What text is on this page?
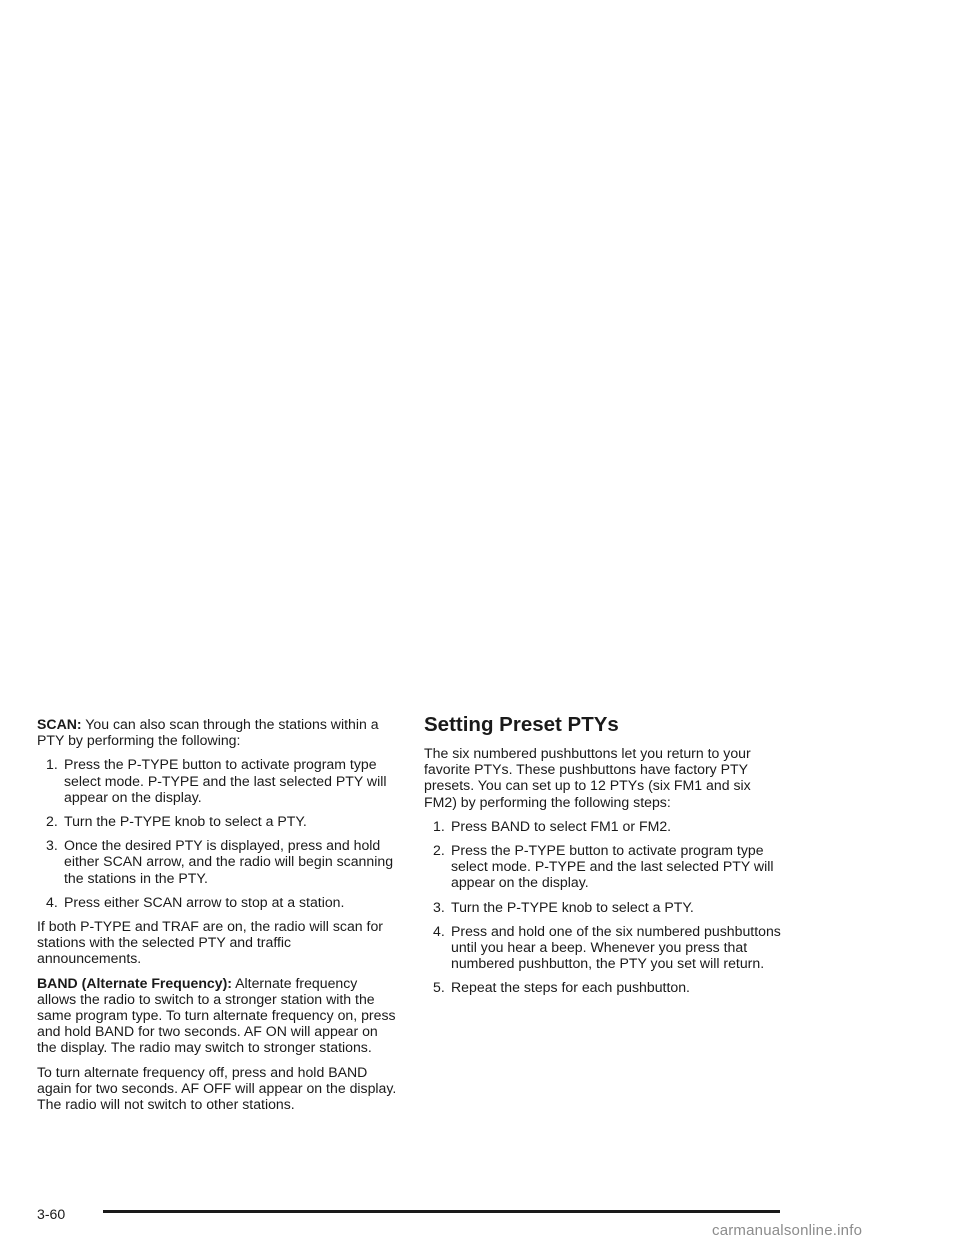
SCAN: You can also scan through the stations within a PTY by performing the following:

1. Press the P-TYPE button to activate program type select mode. P-TYPE and the last selected PTY will appear on the display.
2. Turn the P-TYPE knob to select a PTY.
3. Once the desired PTY is displayed, press and hold either SCAN arrow, and the radio will begin scanning the stations in the PTY.
4. Press either SCAN arrow to stop at a station.

If both P-TYPE and TRAF are on, the radio will scan for stations with the selected PTY and traffic announcements.

BAND (Alternate Frequency): Alternate frequency allows the radio to switch to a stronger station with the same program type. To turn alternate frequency on, press and hold BAND for two seconds. AF ON will appear on the display. The radio may switch to stronger stations.

To turn alternate frequency off, press and hold BAND again for two seconds. AF OFF will appear on the display. The radio will not switch to other stations.

Setting Preset PTYs

The six numbered pushbuttons let you return to your favorite PTYs. These pushbuttons have factory PTY presets. You can set up to 12 PTYs (six FM1 and six FM2) by performing the following steps:

1. Press BAND to select FM1 or FM2.
2. Press the P-TYPE button to activate program type select mode. P-TYPE and the last selected PTY will appear on the display.
3. Turn the P-TYPE knob to select a PTY.
4. Press and hold one of the six numbered pushbuttons until you hear a beep. Whenever you press that numbered pushbutton, the PTY you set will return.
5. Repeat the steps for each pushbutton.
3-60
carmanualsonline.info
